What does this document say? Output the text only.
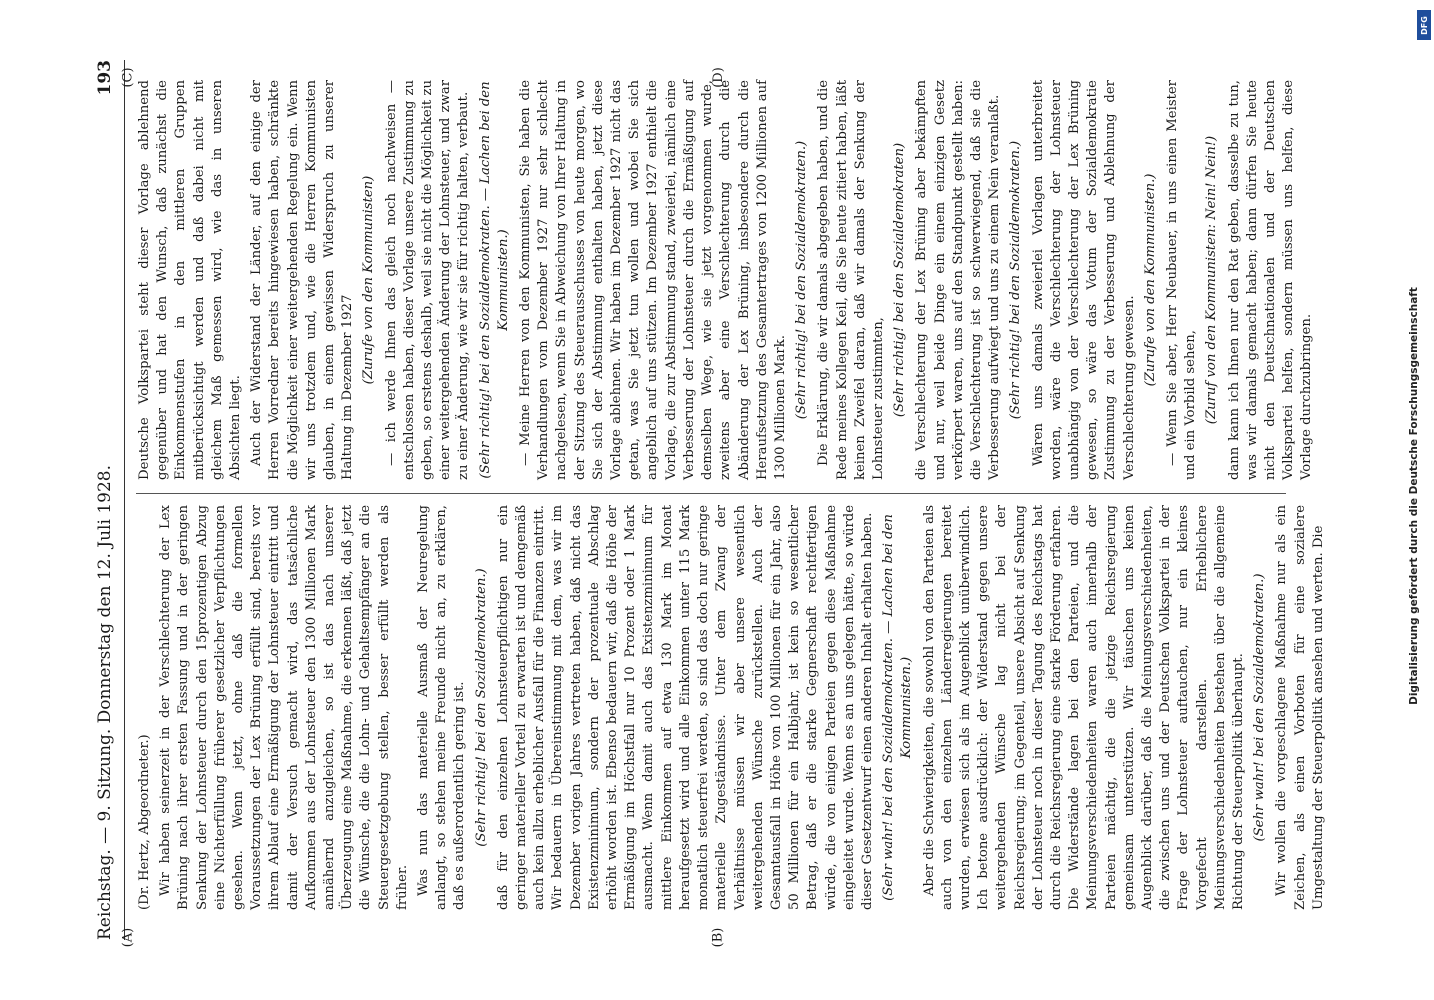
Reichstag. — 9. Sitzung. Donnerstag den 12. Juli 1928.
193

(Dr. Hertz, Abgeordneter.) Wir haben seinerzeit in der Verschlechterung der Lex Brüning nach ihrer ersten Fassung und in der geringen Senkung der Lohnsteuer durch den 15prozentigen Abzug eine Nichterfüllung früherer gesetzlicher Verpflichtungen gesehen. Wenn jetzt, ohne daß die formellen Voraussetzungen der Lex Brüning erfüllt sind, bereits vor ihrem Ablauf eine Ermäßigung der Lohnsteuer eintritt und damit der Versuch gemacht wird, das tatsächliche Aufkommen aus der Lohnsteuer den 1300 Millionen Mark annähernd anzugleichen, so ist das nach unserer Überzeugung eine Maßnahme, die erkennen läßt, daß jetzt die Wünsche, die die Lohn- und Gehaltsempfänger an die Steuergesetzgebung stellen, besser erfüllt werden als früher. Was nun das materielle Ausmaß der Neuregelung anlangt, so stehen meine Freunde nicht an, zu erklären, daß es außerordentlich gering ist. (Sehr richtig! bei den Sozialdemokraten.) daß für den einzelnen Lohnsteuerpflichtigen nur ein geringer materieller Vorteil zu erwarten ist und demgemäß auch kein allzu erheblicher Ausfall für die Finanzen eintritt. Wir bedauern in Übereinstimmung mit dem, was wir im Dezember vorigen Jahres vertreten haben, daß nicht das Existenzminimum, sondern der prozentuale Abschlag erhöht worden ist. Ebenso bedauern wir, daß die Höhe der Ermäßigung im Höchstfall nur 10 Prozent oder 1 Mark ausmacht. Wenn damit auch das Existenzminimum für mittlere Einkommen auf etwa 130 Mark im Monat heraufgesetzt wird und alle Einkommen unter 115 Mark monatlich steuerfrei werden, so sind das doch nur geringe materielle Zugeständnisse. Unter dem Zwang der Verhältnisse müssen wir aber unsere wesentlich weitergehenden Wünsche zurückstellen. Auch der Gesamtausfall in Höhe von 100 Millionen für ein Jahr, also 50 Millionen für ein Halbjahr, ist kein so wesentlicher Betrag, daß er die starke Gegnerschaft rechtfertigen würde, die von einigen Parteien gegen diese Maßnahme eingeleitet wurde. Wenn es an uns gelegen hätte, so würde dieser Gesetzentwurf einen anderen Inhalt erhalten haben. (Sehr wahr! bei den Sozialdemokraten. — Lachen bei den Kommunisten.) Aber die Schwierigkeiten, die sowohl von den Parteien als auch von den einzelnen Länderregierungen bereitet wurden, erwiesen sich als im Augenblick unüberwindlich. Ich betone ausdrücklich: der Widerstand gegen unsere weitergehenden Wünsche lag nicht bei der Reichsregierung; im Gegenteil, unsere Absicht auf Senkung der Lohnsteuer noch in dieser Tagung des Reichstags hat durch die Reichsregierung eine starke Förderung erfahren. Die Widerstände lagen bei den Parteien, und die Meinungsverschiedenheiten waren auch innerhalb der Parteien mächtig, die die jetzige Reichsregierung gemeinsam unterstützen. Wir täuschen uns keinen Augenblick darüber, daß die Meinungsverschiedenheiten, die zwischen uns und der Deutschen Volkspartei in der Frage der Lohnsteuer auftauchen, nur ein kleines Vorgefecht darstellen. Erheblichere Meinungsverschiedenheiten bestehen über die allgemeine Richtung der Steuerpolitik überhaupt. (Sehr wahr! bei den Sozialdemokraten.) Wir wollen die vorgeschlagene Maßnahme nur als ein Zeichen, als einen Vorboten für eine sozialere Umgestaltung der Steuerpolitik ansehen und werten. Die

Deutsche Volkspartei steht dieser Vorlage ablehnend gegenüber und hat den Wunsch, daß zunächst die Einkommenstufen in den mittleren Gruppen mitberücksichtigt werden und daß dabei nicht mit gleichem Maß gemessen wird, wie das in unseren Absichten liegt. Auch der Widerstand der Länder, auf den einige der Herren Vorredner bereits hingewiesen haben, schränkte die Möglichkeit einer weitergehenden Regelung ein. Wenn wir uns trotzdem und, wie die Herren Kommunisten glauben, in einem gewissen Widerspruch zu unserer Haltung im Dezember 1927

(Zurufe von den Kommunisten) — ich werde Ihnen das gleich noch nachweisen — entschlossen haben, dieser Vorlage unsere Zustimmung zu geben, so erstens deshalb, weil sie nicht die Möglichkeit zu einer weitergehenden Änderung der Lohnsteuer, und zwar zu einer Änderung, wie wir sie für richtig halten, verbaut. (Sehr richtig! bei den Sozialdemokraten. — Lachen bei den Kommunisten.) — Meine Herren von den Kommunisten, Sie haben die Verhandlungen vom Dezember 1927 nur sehr schlecht nachgelesen, wenn Sie in Abweichung von Ihrer Haltung in der Sitzung des Steuerausschusses von heute morgen, wo Sie sich der Abstimmung enthalten haben, jetzt diese Vorlage ablehnen. Wir haben im Dezember 1927 nicht das getan, was Sie jetzt tun wollen und wobei Sie sich angeblich auf uns stützen. Im Dezember 1927 enthielt die Vorlage, die zur Abstimmung stand, zweierlei, nämlich eine Verbesserung der Lohnsteuer durch die Ermäßigung auf demselben Wege, wie sie jetzt vorgenommen wurde, zweitens aber eine Verschlechterung durch die Abänderung der Lex Brüning, insbesondere durch die Heraufsetzung des Gesamtertrages von 1200 Millionen auf 1300 Millionen Mark. (Sehr richtig! bei den Sozialdemokraten.) Die Erklärung, die wir damals abgegeben haben, und die Rede meines Kollegen Keil, die Sie heute zitiert haben, läßt keinen Zweifel daran, daß wir damals der Senkung der Lohnsteuer zustimmten, (Sehr richtig! bei den Sozialdemokraten) die Verschlechterung der Lex Brüning aber bekämpften und nur, weil beide Dinge ein einem einzigen Gesetz verkörpert waren, uns auf den Standpunkt gestellt haben: die Verschlechterung ist so schwerwiegend, daß sie die Verbesserung aufwiegt und uns zu einem Nein veranlaßt. (Sehr richtig! bei den Sozialdemokraten.) Wären uns damals zweierlei Vorlagen unterbreitet worden, wäre die Verschlechterung der Lohnsteuer unabhängig von der Verschlechterung der Lex Brüning gewesen, so wäre das Votum der Sozialdemokratie Zustimmung zu der Verbesserung und Ablehnung der Verschlechterung gewesen.

(Zurufe von den Kommunisten.) — Wenn Sie aber, Herr Neubauer, in uns einen Meister und ein Vorbild sehen, (Zuruf von den Kommunisten: Nein! Nein!) dann kann ich Ihnen nur den Rat geben, dasselbe zu tun, was wir damals gemacht haben; dann dürfen Sie heute nicht den Deutschnationalen und der Deutschen Volkspartei helfen, sondern müssen uns helfen, diese Vorlage durchzubringen.

(A)	(B)
(C)	(D)
DFG
Digitalisierung gefördert durch die Deutsche Forschungsgemeinschaft
